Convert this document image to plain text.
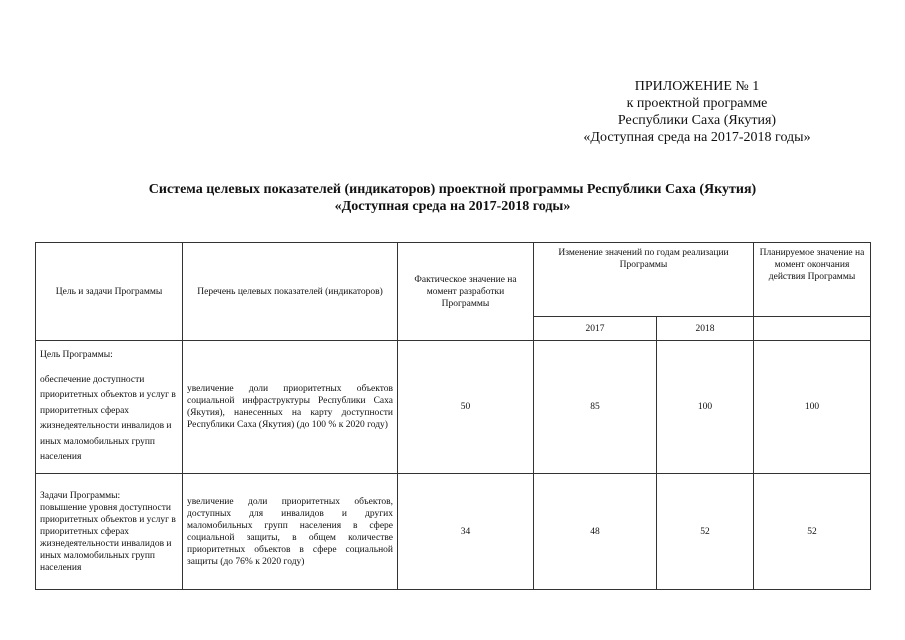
ПРИЛОЖЕНИЕ № 1
к проектной программе
Республики Саха (Якутия)
«Доступная среда на 2017-2018 годы»
Система целевых показателей (индикаторов) проектной программы Республики Саха (Якутия)
«Доступная среда на 2017-2018 годы»
Цель и задачи Программы	Перечень целевых показателей (индикаторов)	Фактическое значение на момент разработки Программы	Изменение значений по годам реализации Программы		Планируемое значение на момент окончания действия Программы
			2017	2018	

Цель Программы:
обеспечение доступности приоритетных объектов и услуг в приоритетных сферах жизнедеятельности инвалидов и иных маломобильных групп населения	увеличение доли приоритетных объектов социальной инфраструктуры Республики Саха (Якутия), нанесенных на карту доступности Республики Саха (Якутия) (до 100 % к 2020 году)	50	85	100	100

Задачи Программы:
повышение уровня доступности приоритетных объектов и услуг в приоритетных сферах жизнедеятельности инвалидов и иных маломобильных групп населения	увеличение доли приоритетных объектов, доступных для инвалидов и других маломобильных групп населения в сфере социальной защиты, в общем количестве приоритетных объектов в сфере социальной защиты (до 76% к 2020 году)	34	48	52	52
